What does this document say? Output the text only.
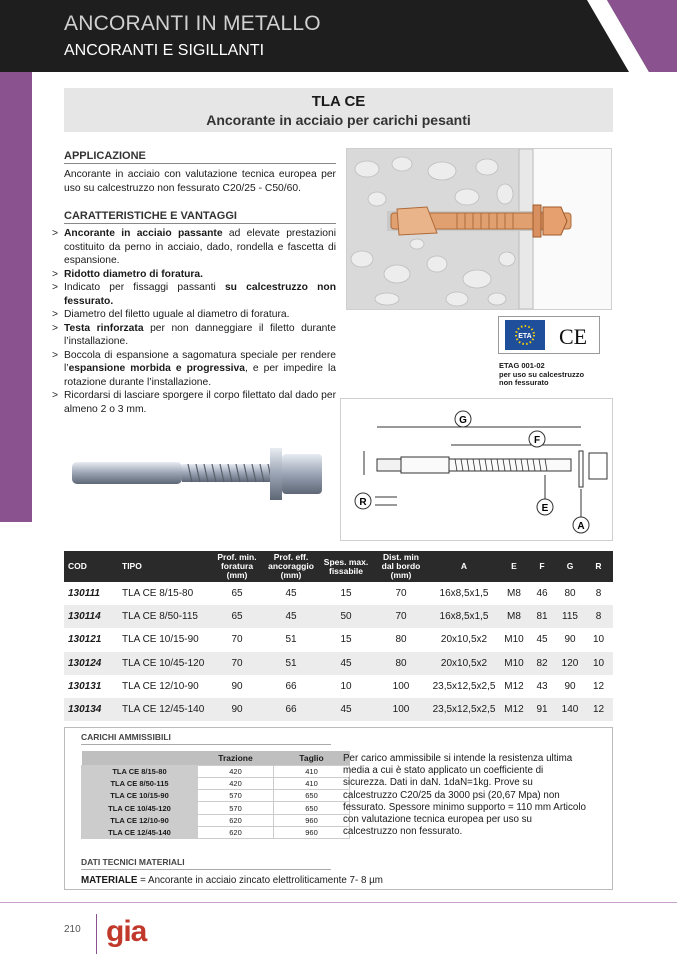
ANCORANTI IN METALLO
ANCORANTI E SIGILLANTI
TLA CE
Ancorante in acciaio per carichi pesanti
APPLICAZIONE
Ancorante in acciaio con valutazione tecnica europea per uso su calcestruzzo non fessurato C20/25 - C50/60.
CARATTERISTICHE E VANTAGGI
> Ancorante in acciaio passante ad elevate prestazioni costituito da perno in acciaio, dado, rondella e fascetta di espansione.
> Ridotto diametro di foratura.
> Indicato per fissaggi passanti su calcestruzzo non fessurato.
> Diametro del filetto uguale al diametro di foratura.
> Testa rinforzata per non danneggiare il filetto durante l’installazione.
> Boccola di espansione a sagomatura speciale per rendere l’espansione morbida e progressiva, e per impedire la rotazione durante l’installazione.
> Ricordarsi di lasciare sporgere il corpo filettato dal dado per almeno 2 o 3 mm.
ETA CE
ETAG 001-02
per uso su calcestruzzo
non fessurato
G
F
R
E
A
COD	TIPO	Prof. min. foratura (mm)	Prof. eff. ancoraggio (mm)	Spes. max. fissabile	Dist. min dal bordo (mm)	A	E	F	G	R
130111	TLA CE 8/15-80	65	45	15	70	16x8,5x1,5	M8	46	80	8
130114	TLA CE 8/50-115	65	45	50	70	16x8,5x1,5	M8	81	115	8
130121	TLA CE 10/15-90	70	51	15	80	20x10,5x2	M10	45	90	10
130124	TLA CE 10/45-120	70	51	45	80	20x10,5x2	M10	82	120	10
130131	TLA CE 12/10-90	90	66	10	100	23,5x12,5x2,5	M12	43	90	12
130134	TLA CE 12/45-140	90	66	45	100	23,5x12,5x2,5	M12	91	140	12
CARICHI AMMISSIBILI
	Trazione	Taglio
TLA CE 8/15-80	420	410
TLA CE 8/50-115	420	410
TLA CE 10/15-90	570	650
TLA CE 10/45-120	570	650
TLA CE 12/10-90	620	960
TLA CE 12/45-140	620	960
Per carico ammissibile si intende la resistenza ultima media a cui è stato applicato un coefficiente di sicurezza. Dati in daN. 1daN=1kg. Prove su calcestruzzo C20/25 da 3000 psi (20,67 Mpa) non fessurato. Spessore minimo supporto = 110 mm Articolo con valutazione tecnica europea per uso su calcestruzzo non fessurato.
DATI TECNICI MATERIALI
MATERIALE = Ancorante in acciaio zincato elettroliticamente 7- 8 µm
210 gia
